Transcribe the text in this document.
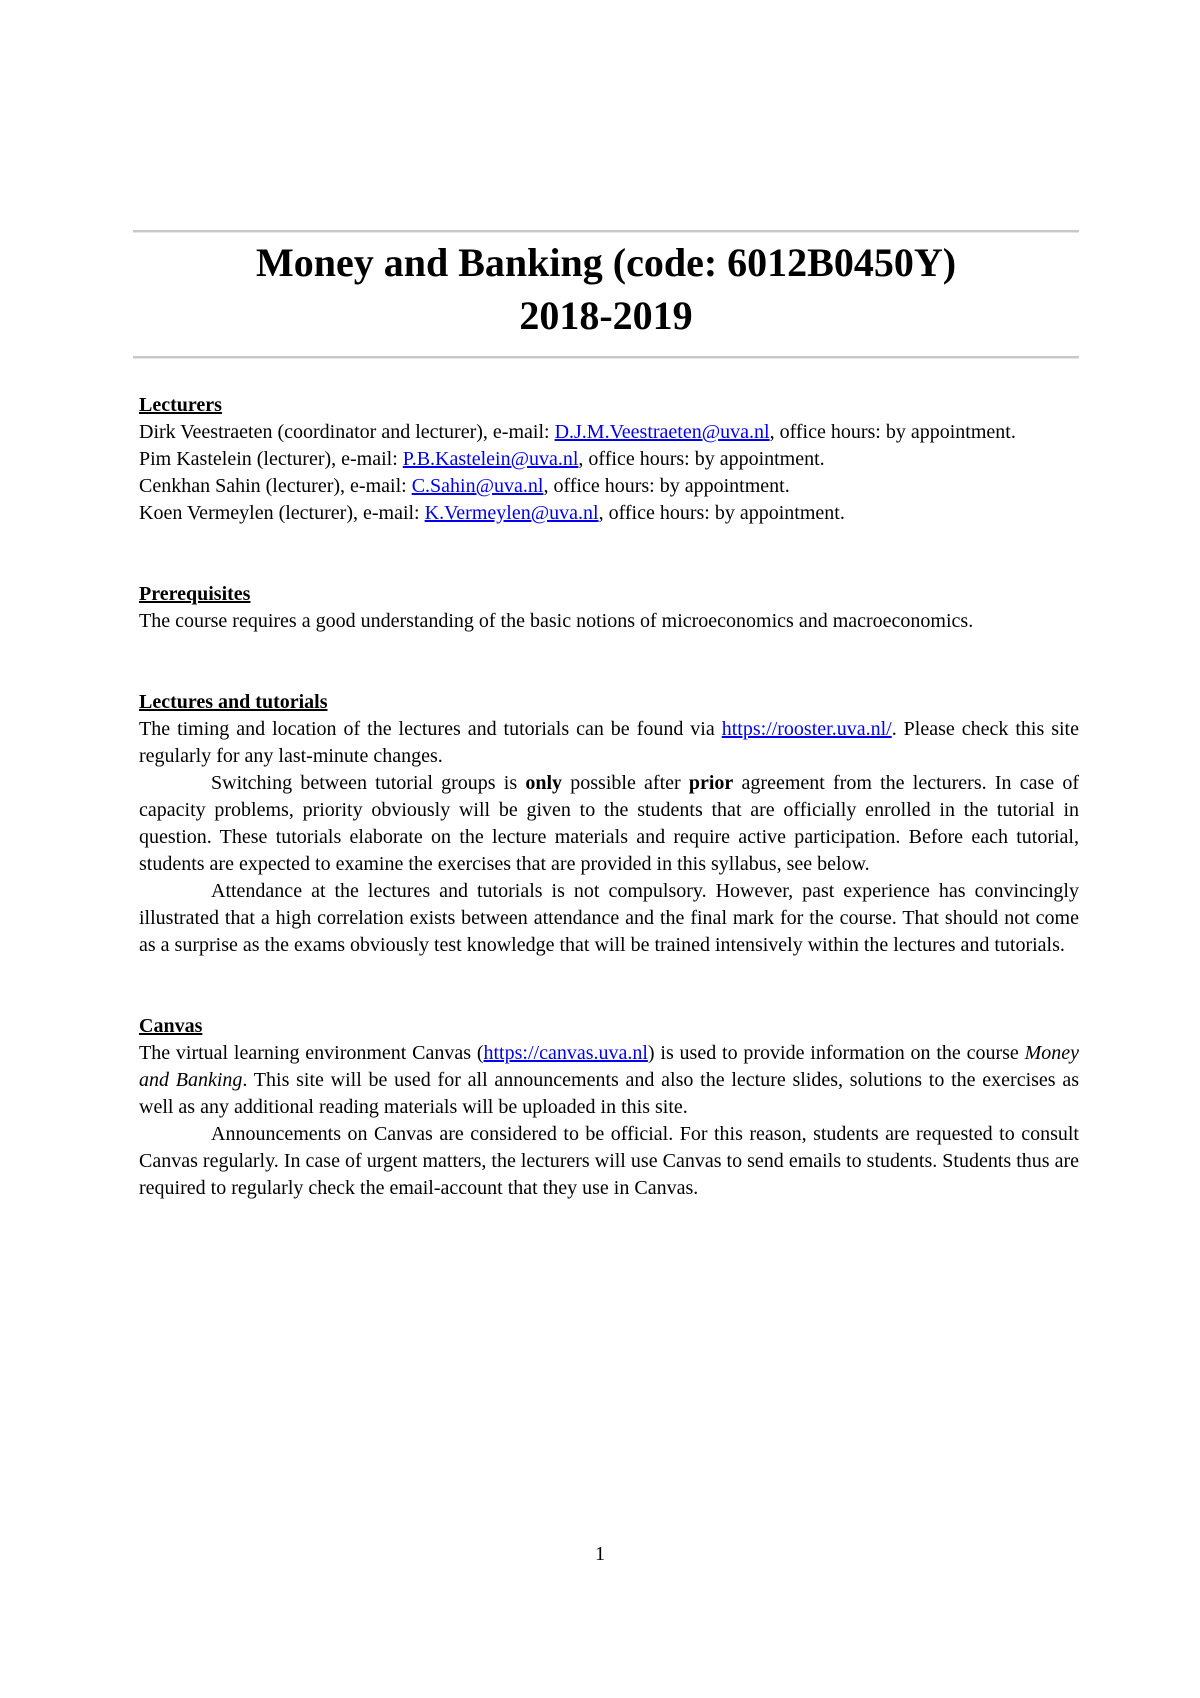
Money and Banking (code: 6012B0450Y)
2018-2019
Lecturers
Dirk Veestraeten (coordinator and lecturer), e-mail: D.J.M.Veestraeten@uva.nl, office hours: by appointment.
Pim Kastelein (lecturer), e-mail: P.B.Kastelein@uva.nl, office hours: by appointment.
Cenkhan Sahin (lecturer), e-mail: C.Sahin@uva.nl, office hours: by appointment.
Koen Vermeylen (lecturer), e-mail: K.Vermeylen@uva.nl, office hours: by appointment.
Prerequisites
The course requires a good understanding of the basic notions of microeconomics and macroeconomics.
Lectures and tutorials
The timing and location of the lectures and tutorials can be found via https://rooster.uva.nl/. Please check this site regularly for any last-minute changes.
Switching between tutorial groups is only possible after prior agreement from the lecturers. In case of capacity problems, priority obviously will be given to the students that are officially enrolled in the tutorial in question. These tutorials elaborate on the lecture materials and require active participation. Before each tutorial, students are expected to examine the exercises that are provided in this syllabus, see below.
Attendance at the lectures and tutorials is not compulsory. However, past experience has convincingly illustrated that a high correlation exists between attendance and the final mark for the course. That should not come as a surprise as the exams obviously test knowledge that will be trained intensively within the lectures and tutorials.
Canvas
The virtual learning environment Canvas (https://canvas.uva.nl) is used to provide information on the course Money and Banking. This site will be used for all announcements and also the lecture slides, solutions to the exercises as well as any additional reading materials will be uploaded in this site.
Announcements on Canvas are considered to be official. For this reason, students are requested to consult Canvas regularly. In case of urgent matters, the lecturers will use Canvas to send emails to students. Students thus are required to regularly check the email-account that they use in Canvas.
1
